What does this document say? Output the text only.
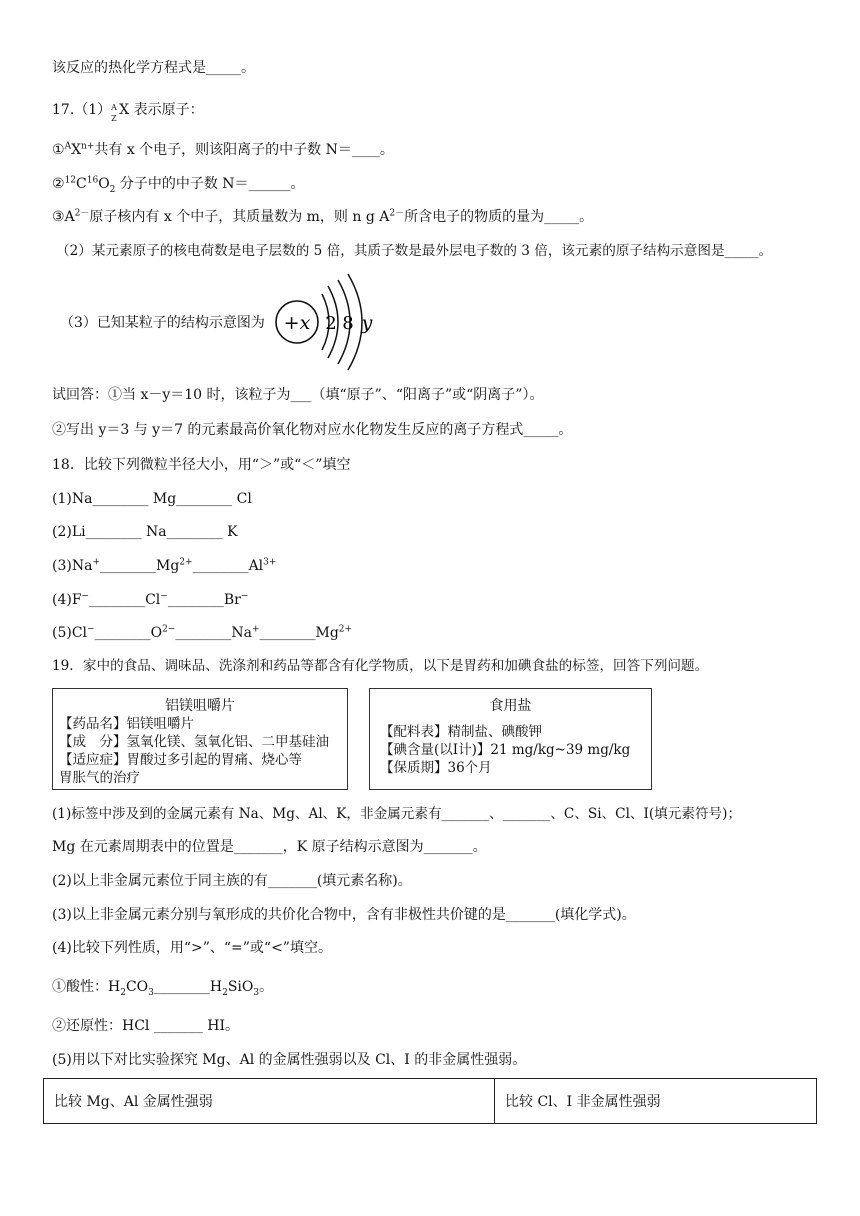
该反应的热化学方程式是_____。
17.（1） A
Z
X 表示原子：
$①^AX^{n+}$共有 x 个电子，则该阳离子的中子数 N＝____。
$②^{12}C^{16}O_2$ 分子中的中子数 N＝______。
$③A^{2-}$原子核内有 x 个中子，其质量数为 m，则 n g $A^{2-}$所含电子的物质的量为_____。
（2）某元素原子的核电荷数是电子层数的 5 倍，其质子数是最外层电子数的 3 倍，该元素的原子结构示意图是_____。
（3）已知某粒子的结构示意图为 +x 2 8 y
试回答：①当 x－y＝10 时，该粒子为___（填“原子”、“阳离子”或“阴离子”）。
②写出 y＝3 与 y＝7 的元素最高价氧化物对应水化物发生反应的离子方程式_____。
18．比较下列微粒半径大小，用“＞”或“＜”填空
(1)Na________ Mg________ Cl
(2)Li________ Na________ K
$(3)Na^+\_\_\_\_\_\_\_\_Mg^{2+}\_\_\_\_\_\_\_\_Al^{3+}$
(4)F−________Cl−________Br−
$(5)Cl^-\_\_\_\_\_\_\_\_O^{2-}\_\_\_\_\_\_\_\_Na^+\_\_\_\_\_\_\_\_Mg^{2+}$
19．家中的食品、调味品、洗涤剂和药品等都含有化学物质，以下是胃药和加碘食盐的标签，回答下列问题。
铝镁咀嚼片
【药品名】铝镁咀嚼片
【成　分】氢氧化镁、氢氧化铝、二甲基硅油
【适应症】胃酸过多引起的胃痛、烧心等
胃胀气的治疗
食用盐
【配料表】精制盐、碘酸钾
【碘含量(以I计)】21 mg/kg~39 mg/kg
【保质期】36个月
(1)标签中涉及到的金属元素有 Na、Mg、Al、K，非金属元素有_______、_______、C、Si、Cl、I(填元素符号)；
Mg 在元素周期表中的位置是_______，K 原子结构示意图为_______。
(2)以上非金属元素位于同主族的有_______(填元素名称)。
(3)以上非金属元素分别与氧形成的共价化合物中，含有非极性共价键的是_______(填化学式)。
(4)比较下列性质，用“>”、“=”或“<”填空。
①酸性：$H_2CO_3\_\_\_\_\_\_\_\_H_2SiO_3$。
②还原性：HCl _______ HI。
(5)用以下对比实验探究 Mg、Al 的金属性强弱以及 Cl、I 的非金属性强弱。
比较 Mg、Al 金属性强弱	比较 Cl、I 非金属性强弱
